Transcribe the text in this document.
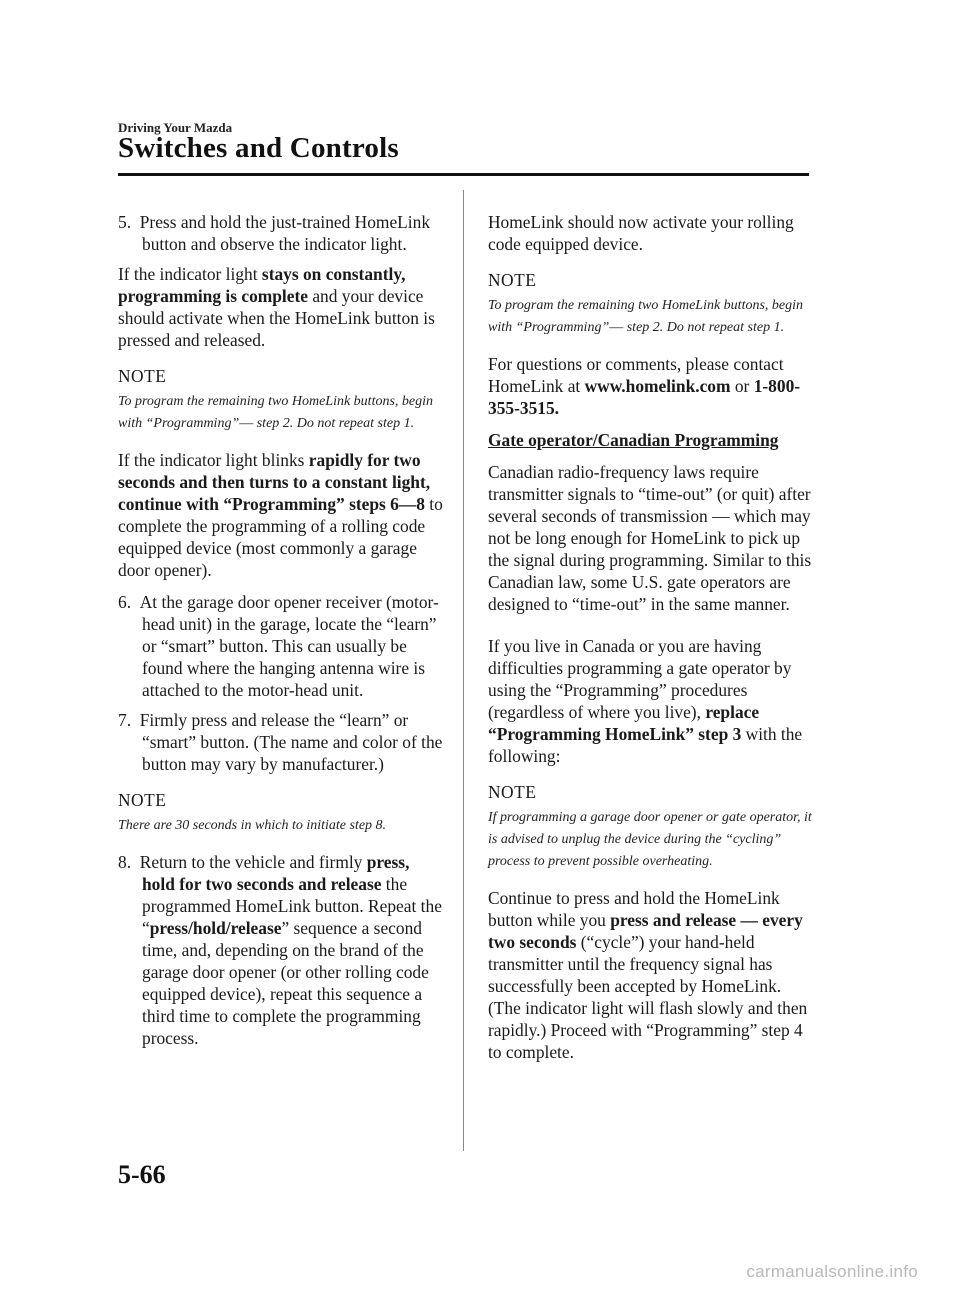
Driving Your Mazda
Switches and Controls

5. Press and hold the just-trained HomeLink button and observe the indicator light.

If the indicator light stays on constantly, programming is complete and your device should activate when the HomeLink button is pressed and released.

NOTE

To program the remaining two HomeLink buttons, begin with “Programming”― step 2. Do not repeat step 1.

If the indicator light blinks rapidly for two seconds and then turns to a constant light, continue with “Programming” steps 6―8 to complete the programming of a rolling code equipped device (most commonly a garage door opener).

6. At the garage door opener receiver (motor-head unit) in the garage, locate the “learn” or “smart” button. This can usually be found where the hanging antenna wire is attached to the motor-head unit.

7. Firmly press and release the “learn” or “smart” button. (The name and color of the button may vary by manufacturer.)

NOTE

There are 30 seconds in which to initiate step 8.

8. Return to the vehicle and firmly press, hold for two seconds and release the programmed HomeLink button. Repeat the “press/hold/release” sequence a second time, and, depending on the brand of the garage door opener (or other rolling code equipped device), repeat this sequence a third time to complete the programming process.

HomeLink should now activate your rolling code equipped device.

NOTE

To program the remaining two HomeLink buttons, begin with “Programming”― step 2. Do not repeat step 1.

For questions or comments, please contact HomeLink at www.homelink.com or 1-800-355-3515.

Gate operator/Canadian Programming

Canadian radio-frequency laws require transmitter signals to “time-out” (or quit) after several seconds of transmission ― which may not be long enough for HomeLink to pick up the signal during programming. Similar to this Canadian law, some U.S. gate operators are designed to “time-out” in the same manner.

If you live in Canada or you are having difficulties programming a gate operator by using the “Programming” procedures (regardless of where you live), replace “Programming HomeLink” step 3 with the following:

NOTE

If programming a garage door opener or gate operator, it is advised to unplug the device during the “cycling” process to prevent possible overheating.

Continue to press and hold the HomeLink button while you press and release ― every two seconds (“cycle”) your hand-held transmitter until the frequency signal has successfully been accepted by HomeLink. (The indicator light will flash slowly and then rapidly.) Proceed with “Programming” step 4 to complete.

5-66
carmanualsonline.info
